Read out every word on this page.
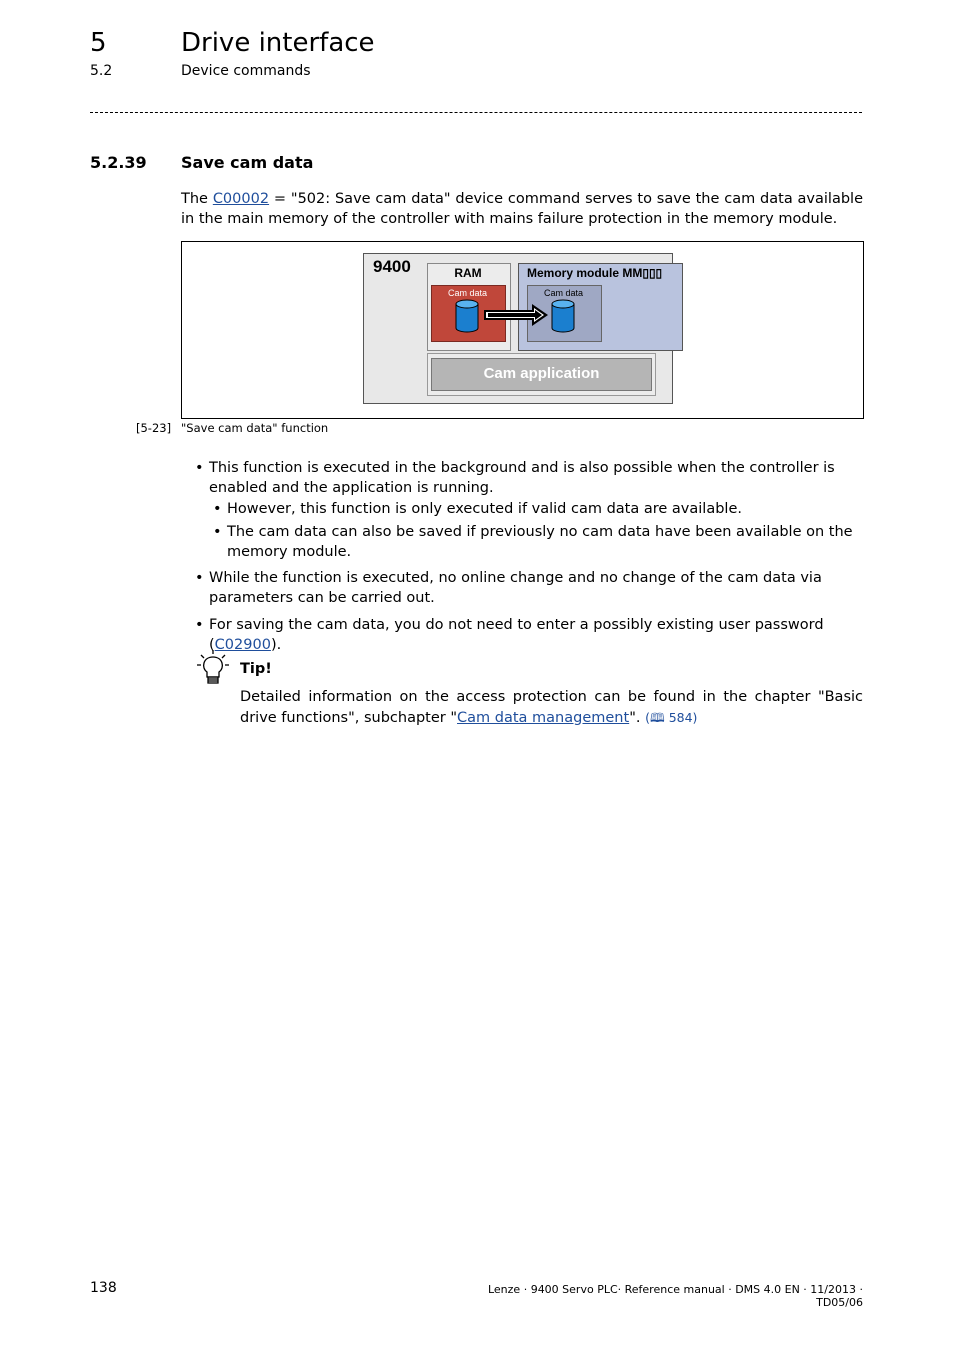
5	Drive interface
5.2	Device commands
5.2.39 Save cam data
The C00002 = "502: Save cam data" device command serves to save the cam data available in the main memory of the controller with mains failure protection in the memory module.
9400	RAM
Cam data
Memory module MM▯▯▯
Cam data
Cam application
[5-23] "Save cam data" function
• This function is executed in the background and is also possible when the controller is enabled and the application is running.
• However, this function is only executed if valid cam data are available.
• The cam data can also be saved if previously no cam data have been available on the memory module.
• While the function is executed, no online change and no change of the cam data via parameters can be carried out.
• For saving the cam data, you do not need to enter a possibly existing user password (C02900).
Tip!
Detailed information on the access protection can be found in the chapter "Basic drive functions", subchapter "Cam data management". (🕮 584)
138	Lenze · 9400 Servo PLC· Reference manual · DMS 4.0 EN · 11/2013 · TD05/06
